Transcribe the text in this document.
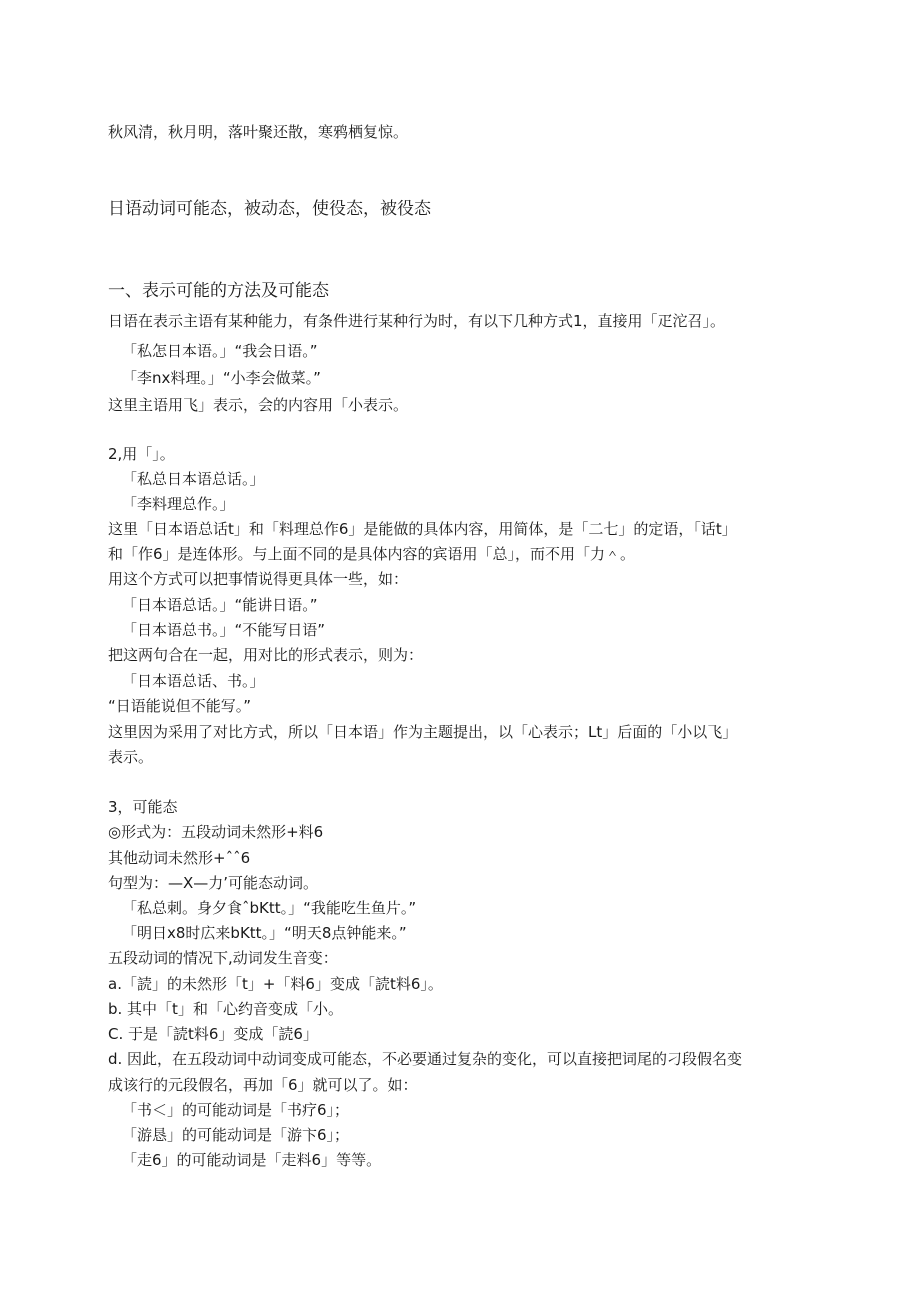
秋风清，秋月明，落叶聚还散，寒鸦栖复惊。
日语动词可能态，被动态，使役态，被役态
一、表示可能的方法及可能态
日语在表示主语有某种能力，有条件进行某种行为时，有以下几种方式1，直接用「疋沱召」。
「私怎日本语。」“我会日语。”
「李nx料理。」“小李会做菜。”
这里主语用飞」表示，会的内容用「小表示。
2,用「」。
「私总日本语总话。」
「李料理总作。」
这里「日本语总话t」和「料理总作6」是能做的具体内容，用简体，是「二七」的定语，「话t」
和「作6」是连体形。与上面不同的是具体内容的宾语用「总」，而不用「力＾。
用这个方式可以把事情说得更具体一些，如：
「日本语总话。」“能讲日语。”
「日本语总书。」“不能写日语”
把这两句合在一起，用对比的形式表示，则为：
「日本语总话、书。」
“日语能说但不能写。”
这里因为采用了对比方式，所以「日本语」作为主题提出，以「心表示；Lt」后面的「小以飞」
表示。
3，可能态
◎形式为：五段动词未然形+料6
其他动词未然形+ˆˆ6
句型为：—X—力’可能态动词。
「私总刺。身夕食ˆbKtt。」“我能吃生鱼片。”
「明日x8时広来bKtt。」“明天8点钟能来。”
五段动词的情况下,动词发生音变：
a.「読」的未然形「t」+「料6」变成「読t料6」。
b. 其中「t」和「心约音变成「小。
C. 于是「読t料6」变成「読6」
d. 因此，在五段动词中动词变成可能态，不必要通过复杂的变化，可以直接把词尾的刁段假名变
成该行的元段假名，再加「6」就可以了。如：
「书＜」的可能动词是「书疗6」；
「游恳」的可能动词是「游卞6」；
「走6」的可能动词是「走料6」等等。
